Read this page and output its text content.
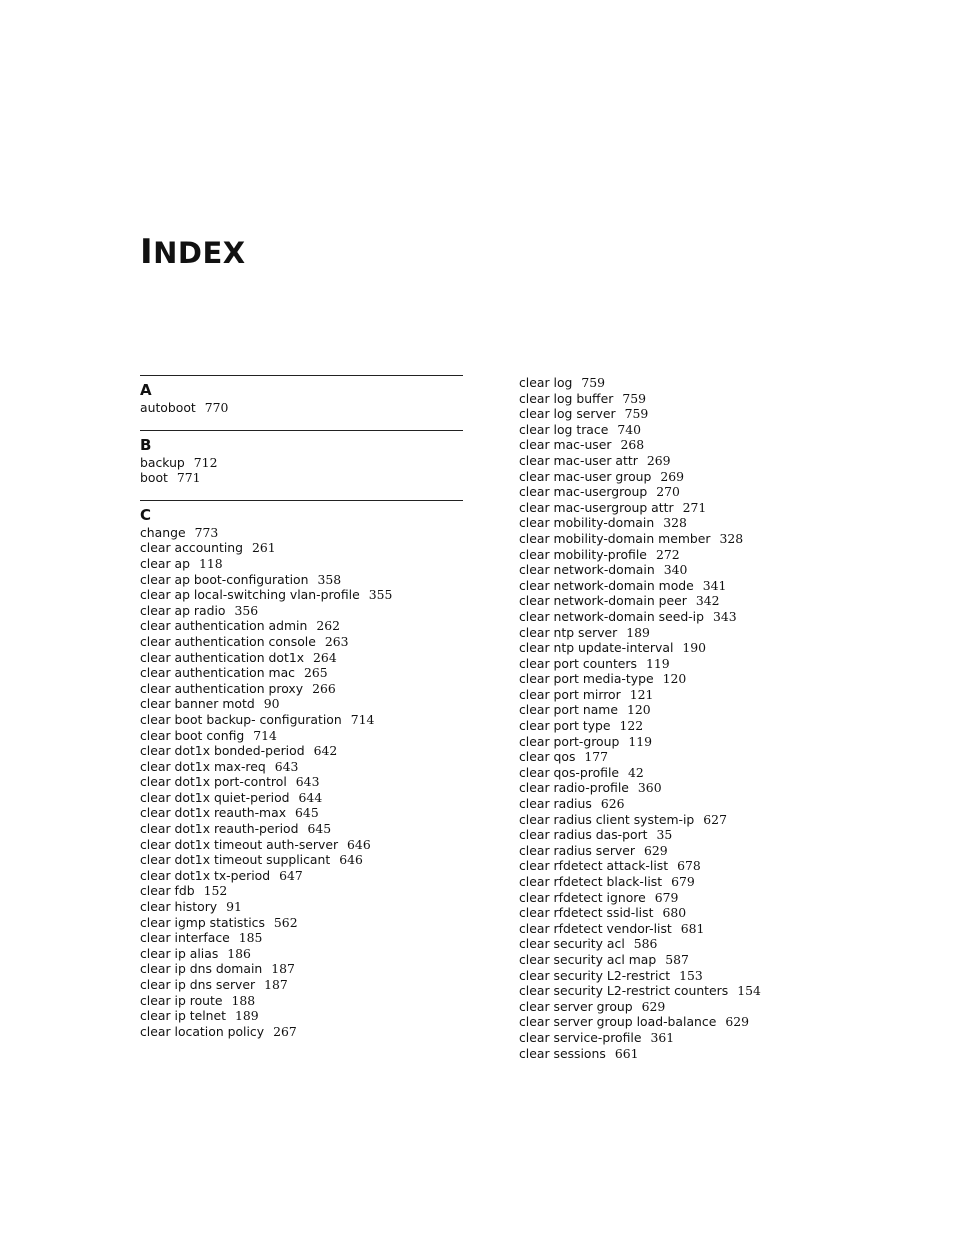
INDEX
A
autoboot 770
B
backup 712
boot 771
C
change 773
clear accounting 261
clear ap 118
clear ap boot-configuration 358
clear ap local-switching vlan-profile 355
clear ap radio 356
clear authentication admin 262
clear authentication console 263
clear authentication dot1x 264
clear authentication mac 265
clear authentication proxy 266
clear banner motd 90
clear boot backup- configuration 714
clear boot config 714
clear dot1x bonded-period 642
clear dot1x max-req 643
clear dot1x port-control 643
clear dot1x quiet-period 644
clear dot1x reauth-max 645
clear dot1x reauth-period 645
clear dot1x timeout auth-server 646
clear dot1x timeout supplicant 646
clear dot1x tx-period 647
clear fdb 152
clear history 91
clear igmp statistics 562
clear interface 185
clear ip alias 186
clear ip dns domain 187
clear ip dns server 187
clear ip route 188
clear ip telnet 189
clear location policy 267
clear log 759
clear log buffer 759
clear log server 759
clear log trace 740
clear mac-user 268
clear mac-user attr 269
clear mac-user group 269
clear mac-usergroup 270
clear mac-usergroup attr 271
clear mobility-domain 328
clear mobility-domain member 328
clear mobility-profile 272
clear network-domain 340
clear network-domain mode 341
clear network-domain peer 342
clear network-domain seed-ip 343
clear ntp server 189
clear ntp update-interval 190
clear port counters 119
clear port media-type 120
clear port mirror 121
clear port name 120
clear port type 122
clear port-group 119
clear qos 177
clear qos-profile 42
clear radio-profile 360
clear radius 626
clear radius client system-ip 627
clear radius das-port 35
clear radius server 629
clear rfdetect attack-list 678
clear rfdetect black-list 679
clear rfdetect ignore 679
clear rfdetect ssid-list 680
clear rfdetect vendor-list 681
clear security acl 586
clear security acl map 587
clear security L2-restrict 153
clear security L2-restrict counters 154
clear server group 629
clear server group load-balance 629
clear service-profile 361
clear sessions 661
